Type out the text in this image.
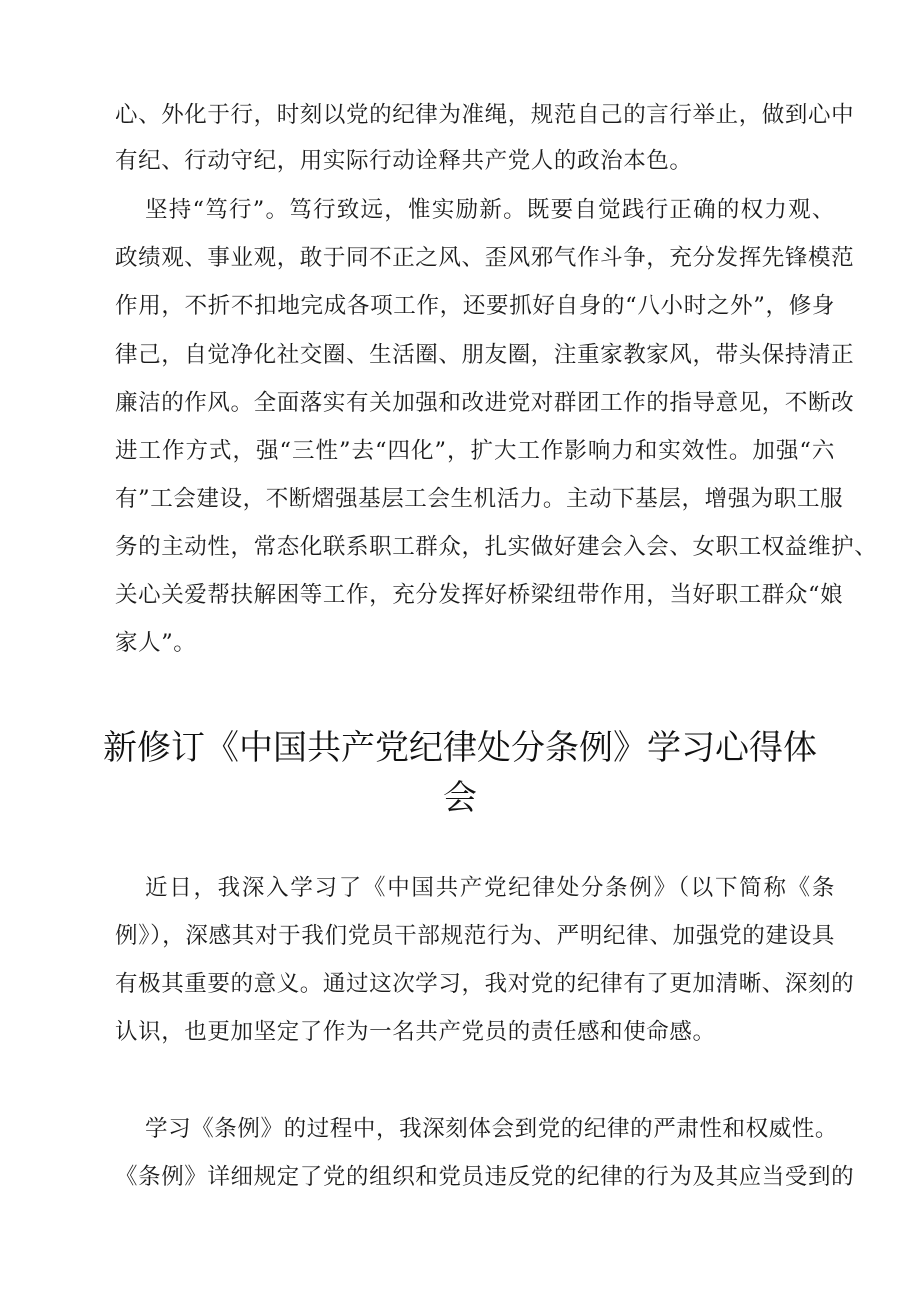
心、外化于行，时刻以党的纪律为准绳，规范自己的言行举止，做到心中
有纪、行动守纪，用实际行动诠释共产党人的政治本色。
坚持“笃行”。笃行致远，惟实励新。既要自觉践行正确的权力观、
政绩观、事业观，敢于同不正之风、歪风邪气作斗争，充分发挥先锋模范
作用，不折不扣地完成各项工作，还要抓好自身的“八小时之外”，修身
律己，自觉净化社交圈、生活圈、朋友圈，注重家教家风，带头保持清正
廉洁的作风。全面落实有关加强和改进党对群团工作的指导意见，不断改
进工作方式，强“三性”去“四化”，扩大工作影响力和实效性。加强“六
有”工会建设，不断熠强基层工会生机活力。主动下基层，增强为职工服
务的主动性，常态化联系职工群众，扎实做好建会入会、女职工权益维护、
关心关爱帮扶解困等工作，充分发挥好桥梁纽带作用，当好职工群众“娘
家人”。
新修订《中国共产党纪律处分条例》学习心得体
会
近日，我深入学习了《中国共产党纪律处分条例》（以下简称《条
例》），深感其对于我们党员干部规范行为、严明纪律、加强党的建设具
有极其重要的意义。通过这次学习，我对党的纪律有了更加清晰、深刻的
认识，也更加坚定了作为一名共产党员的责任感和使命感。
学习《条例》的过程中，我深刻体会到党的纪律的严肃性和权威性。
《条例》详细规定了党的组织和党员违反党的纪律的行为及其应当受到的
